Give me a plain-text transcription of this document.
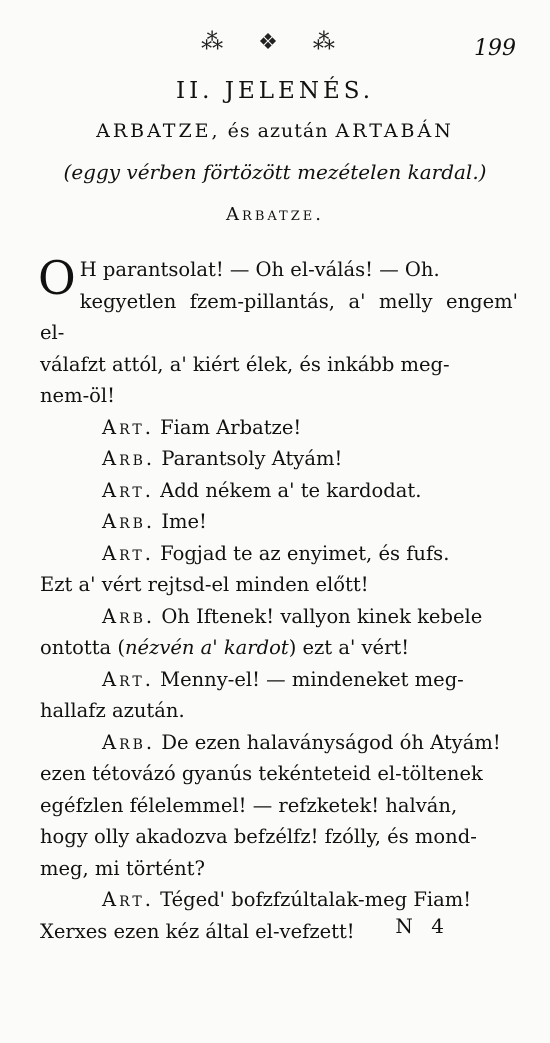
⁂ ❖ ⁂	199
II. JELENÉS.
ARBATZE, és azután ARTABÁN
(eggy vérben förtözött mezételen kardal.)
Arbatze.

O H parantsolat! — Oh el-válás! — Oh.
kegyetlen fzem-pillantás, a' melly engem' el-
válafzt attól, a' kiért élek, és inkább meg-
nem-öl!

Art. Fiam Arbatze!

Arb. Parantsoly Atyám!

Art. Add nékem a' te kardodat.

Arb. Ime!

Art. Fogjad te az enyimet, és fufs.
Ezt a' vért rejtsd-el minden előtt!

Arb. Oh Iftenek! vallyon kinek kebele
ontotta (nézvén a' kardot) ezt a' vért!

Art. Menny-el! — mindeneket meg-
hallafz azután.

Arb. De ezen halaványságod óh Atyám!
ezen tétovázó gyanús tekénteteid el-töltenek
egéfzlen félelemmel! — refzketek! halván,
hogy olly akadozva befzélfz! fzólly, és mond-
meg, mi történt?

Art. Téged' bofzfzúltalak-meg Fiam!
Xerxes ezen kéz által el-vefzett!	N 4
